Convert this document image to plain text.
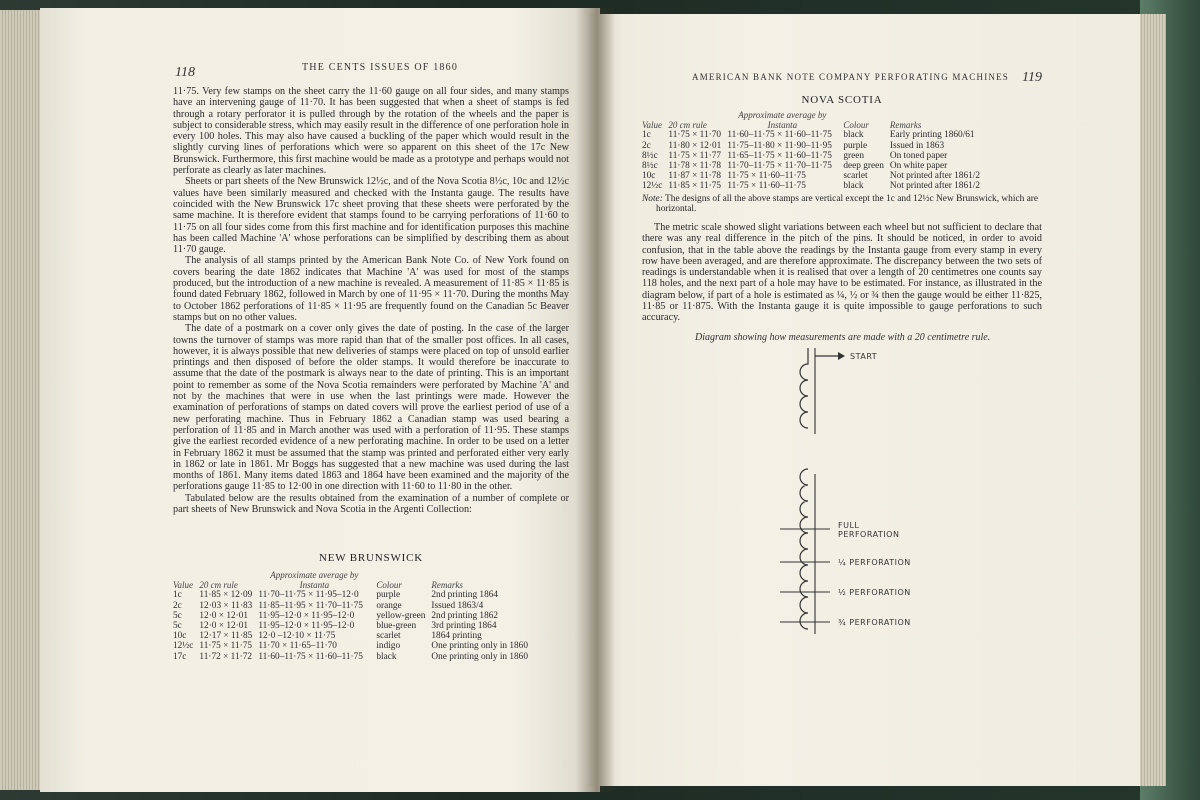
118	THE CENTS ISSUES OF 1860

11·75. Very few stamps on the sheet carry the 11·60 gauge on all four sides, and many stamps have an intervening gauge of 11·70. It has been suggested that when a sheet of stamps is fed through a rotary perforator it is pulled through by the rotation of the wheels and the paper is subject to considerable stress, which may easily result in the difference of one perforation hole in every 100 holes. This may also have caused a buckling of the paper which would result in the slightly curving lines of perforations which were so apparent on this sheet of the 17c New Brunswick. Furthermore, this first machine would be made as a prototype and perhaps would not perforate as clearly as later machines.

Sheets or part sheets of the New Brunswick 12½c, and of the Nova Scotia 8½c, 10c and 12½c values have been similarly measured and checked with the Instanta gauge. The results have coincided with the New Brunswick 17c sheet proving that these sheets were perforated by the same machine. It is therefore evident that stamps found to be carrying perforations of 11·60 to 11·75 on all four sides come from this first machine and for identification purposes this machine has been called Machine 'A' whose perforations can be simplified by describing them as about 11·70 gauge.

The analysis of all stamps printed by the American Bank Note Co. of New York found on covers bearing the date 1862 indicates that Machine 'A' was used for most of the stamps produced, but the introduction of a new machine is revealed. A measurement of 11·85 × 11·85 is found dated February 1862, followed in March by one of 11·95 × 11·70. During the months May to October 1862 perforations of 11·85 × 11·95 are frequently found on the Canadian 5c Beaver stamps but on no other values.

The date of a postmark on a cover only gives the date of posting. In the case of the larger towns the turnover of stamps was more rapid than that of the smaller post offices. In all cases, however, it is always possible that new deliveries of stamps were placed on top of unsold earlier printings and then disposed of before the older stamps. It would therefore be inaccurate to assume that the date of the postmark is always near to the date of printing. This is an important point to remember as some of the Nova Scotia remainders were perforated by Machine 'A' and not by the machines that were in use when the last printings were made. However the examination of perforations of stamps on dated covers will prove the earliest period of use of a new perforating machine. Thus in February 1862 a Canadian stamp was used bearing a perforation of 11·85 and in March another was used with a perforation of 11·95. These stamps give the earliest recorded evidence of a new perforating machine. In order to be used on a letter in February 1862 it must be assumed that the stamp was printed and perforated either very early in 1862 or late in 1861. Mr Boggs has suggested that a new machine was used during the last months of 1861. Many items dated 1863 and 1864 have been examined and the majority of the perforations gauge 11·85 to 12·00 in one direction with 11·60 to 11·80 in the other.

Tabulated below are the results obtained from the examination of a number of complete or part sheets of New Brunswick and Nova Scotia in the Argenti Collection:

NEW BRUNSWICK

Value	20 cm rule	Approximate average by Instanta	Colour	Remarks
1c	11·85 × 12·09	11·70–11·75 × 11·95–12·0	purple	2nd printing 1864
2c	12·03 × 11·83	11·85–11·95 × 11·70–11·75	orange	Issued 1863/4
5c	12·0 × 12·01	11·95–12·0 × 11·95–12·0	yellow-green	2nd printing 1862
5c	12·0 × 12·01	11·95–12·0 × 11·95–12·0	blue-green	3rd printing 1864
10c	12·17 × 11·85	12·0 –12·10 × 11·75	scarlet	1864 printing
12½c	11·75 × 11·75	11·70 × 11·65–11·70	indigo	One printing only in 1860
17c	11·72 × 11·72	11·60–11·75 × 11·60–11·75	black	One printing only in 1860
AMERICAN BANK NOTE COMPANY PERFORATING MACHINES 119

NOVA SCOTIA

Value	20 cm rule	Approximate average by Instanta	Colour	Remarks
1c	11·75 × 11·70	11·60–11·75 × 11·60–11·75	black	Early printing 1860/61
2c	11·80 × 12·01	11·75–11·80 × 11·90–11·95	purple	Issued in 1863
8½c	11·75 × 11·77	11·65–11·75 × 11·60–11·75	green	On toned paper
8½c	11·78 × 11·78	11·70–11·75 × 11·70–11·75	deep green	On white paper
10c	11·87 × 11·78	11·75 × 11·60–11·75	scarlet	Not printed after 1861/2
12½c	11·85 × 11·75	11·75 × 11·60–11·75	black	Not printed after 1861/2
Note: The designs of all the above stamps are vertical except the 1c and 12½c New Brunswick, which are horizontal.

The metric scale showed slight variations between each wheel but not sufficient to declare that there was any real difference in the pitch of the pins. It should be noticed, in order to avoid confusion, that in the table above the readings by the Instanta gauge from every stamp in every row have been averaged, and are therefore approximate. The discrepancy between the two sets of readings is understandable when it is realised that over a length of 20 centimetres one counts say 118 holes, and the next part of a hole may have to be estimated. For instance, as illustrated in the diagram below, if part of a hole is estimated as ¼, ½ or ¾ then the gauge would be either 11·825, 11·85 or 11·875. With the Instanta gauge it is quite impossible to gauge perforations to such accuracy.

Diagram showing how measurements are made with a 20 centimetre rule.
START
FULL
PERFORATION
¼ PERFORATION
½ PERFORATION
¾ PERFORATION
